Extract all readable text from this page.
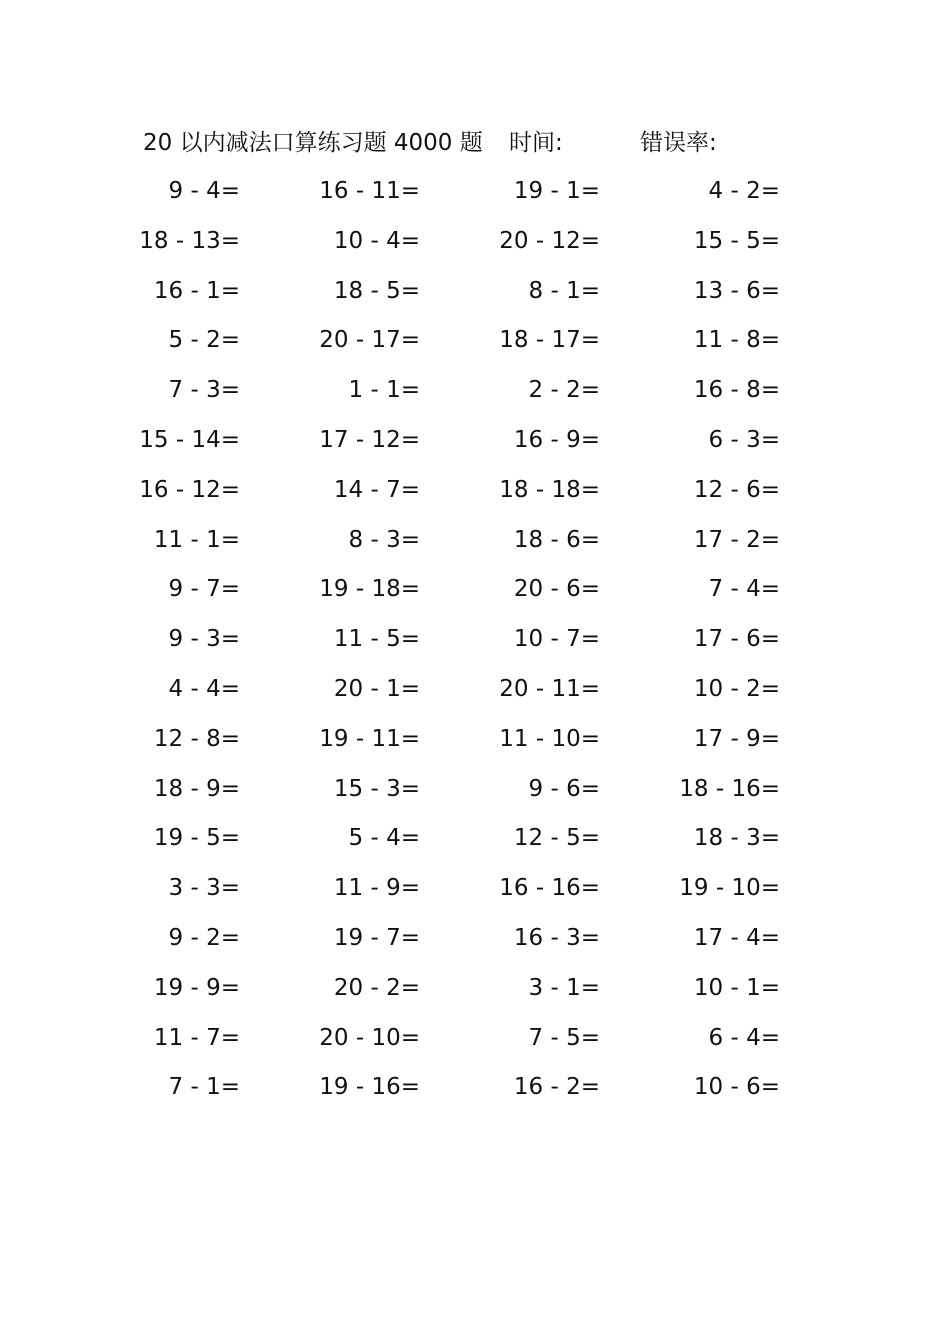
20 以内减法口算练习题 4000 题 时间:	错误率:
9 - 4=	16 - 11=	19 - 1=	4 - 2=
18 - 13=	10 - 4=	20 - 12=	15 - 5=
16 - 1=	18 - 5=	8 - 1=	13 - 6=
5 - 2=	20 - 17=	18 - 17=	11 - 8=
7 - 3=	1 - 1=	2 - 2=	16 - 8=
15 - 14=	17 - 12=	16 - 9=	6 - 3=
16 - 12=	14 - 7=	18 - 18=	12 - 6=
11 - 1=	8 - 3=	18 - 6=	17 - 2=
9 - 7=	19 - 18=	20 - 6=	7 - 4=
9 - 3=	11 - 5=	10 - 7=	17 - 6=
4 - 4=	20 - 1=	20 - 11=	10 - 2=
12 - 8=	19 - 11=	11 - 10=	17 - 9=
18 - 9=	15 - 3=	9 - 6=	18 - 16=
19 - 5=	5 - 4=	12 - 5=	18 - 3=
3 - 3=	11 - 9=	16 - 16=	19 - 10=
9 - 2=	19 - 7=	16 - 3=	17 - 4=
19 - 9=	20 - 2=	3 - 1=	10 - 1=
11 - 7=	20 - 10=	7 - 5=	6 - 4=
7 - 1=	19 - 16=	16 - 2=	10 - 6=
